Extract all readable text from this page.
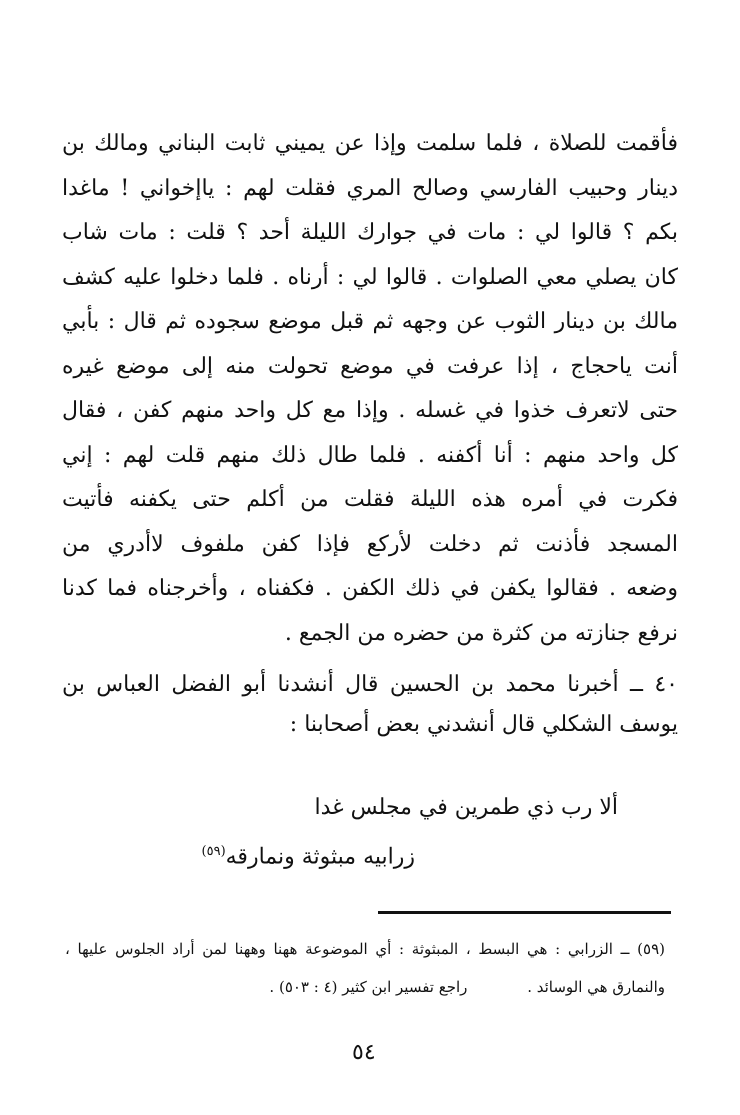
فأقمت للصلاة ، فلما سلمت وإذا عن يميني ثابت البناني ومالك بن
دينار وحبيب الفارسي وصالح المري فقلت لهم : ياإخواني ! ماغدا
بكم ؟ قالوا لي : مات في جوارك الليلة أحد ؟ قلت : مات شاب
كان يصلي معي الصلوات . قالوا لي : أرناه . فلما دخلوا عليه كشف
مالك بن دينار الثوب عن وجهه ثم قبل موضع سجوده ثم قال : بأبي
أنت ياحجاج ، إذا عرفت في موضع تحولت منه إلى موضع غيره
حتى لاتعرف خذوا في غسله . وإذا مع كل واحد منهم كفن ، فقال
كل واحد منهم : أنا أكفنه . فلما طال ذلك منهم قلت لهم : إني
فكرت في أمره هذه الليلة فقلت من أكلم حتى يكفنه فأتيت
المسجد فأذنت ثم دخلت لأركع فإذا كفن ملفوف لاأدري من
وضعه . فقالوا يكفن في ذلك الكفن . فكفناه ، وأخرجناه فما كدنا
نرفع جنازته من كثرة من حضره من الجمع .
٤٠ ــ أخبرنا محمد بن الحسين قال أنشدنا أبو الفضل العباس بن
يوسف الشكلي قال أنشدني بعض أصحابنا :
ألا رب ذي طمرين في مجلس غدا
زرابيه مبثوثة ونمارقه$^{(٥٩)}$
(٥٩) ــ الزرابي : هي البسط ، المبثوثة : أي الموضوعة ههنا وههنا لمن أراد الجلوس عليها ،
والنمارق هي الوسائد . راجع تفسير ابن كثير (٤ : ٥٠٣) .
٥٤
